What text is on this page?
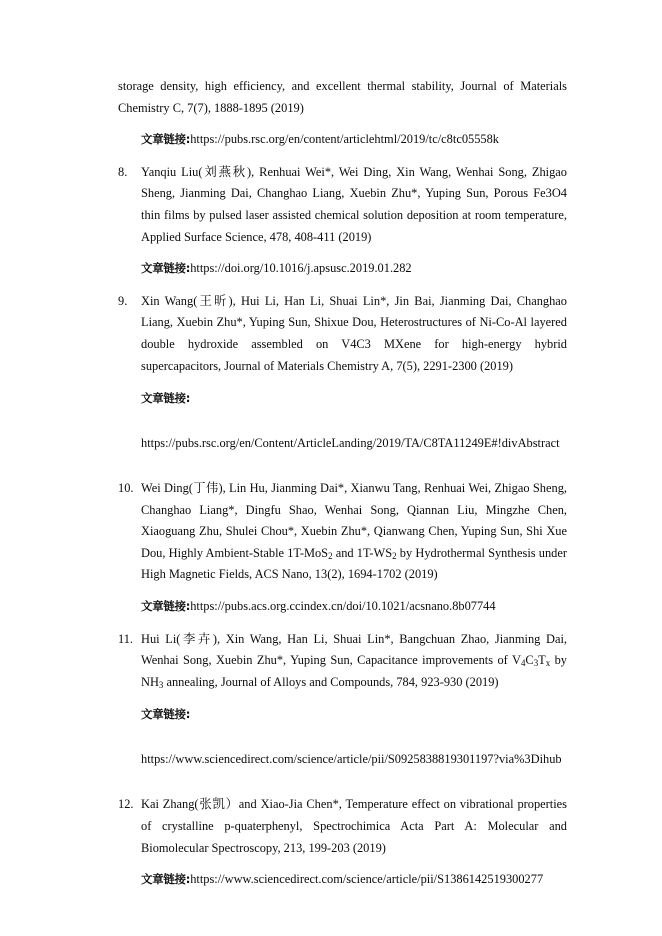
storage density, high efficiency, and excellent thermal stability, Journal of Materials Chemistry C, 7(7), 1888-1895 (2019)

文章链接:https://pubs.rsc.org/en/content/articlehtml/2019/tc/c8tc05558k

8.	Yanqiu Liu(刘燕秋), Renhuai Wei*, Wei Ding, Xin Wang, Wenhai Song, Zhigao Sheng, Jianming Dai, Changhao Liang, Xuebin Zhu*, Yuping Sun, Porous Fe3O4 thin films by pulsed laser assisted chemical solution deposition at room temperature, Applied Surface Science, 478, 408-411 (2019)

文章链接:https://doi.org/10.1016/j.apsusc.2019.01.282

9.	Xin Wang(王昕), Hui Li, Han Li, Shuai Lin*, Jin Bai, Jianming Dai, Changhao Liang, Xuebin Zhu*, Yuping Sun, Shixue Dou, Heterostructures of Ni-Co-Al layered double hydroxide assembled on V4C3 MXene for high-energy hybrid supercapacitors, Journal of Materials Chemistry A, 7(5), 2291-2300 (2019)

文章链接:

https://pubs.rsc.org/en/Content/ArticleLanding/2019/TA/C8TA11249E#!divAbstract

10. Wei Ding(丁伟), Lin Hu, Jianming Dai*, Xianwu Tang, Renhuai Wei, Zhigao Sheng, Changhao Liang*, Dingfu Shao, Wenhai Song, Qiannan Liu, Mingzhe Chen, Xiaoguang Zhu, Shulei Chou*, Xuebin Zhu*, Qianwang Chen, Yuping Sun, Shi Xue Dou, Highly Ambient-Stable 1T-MoS$_2$ and $1T-WS_2$ by Hydrothermal Synthesis under High Magnetic Fields, ACS Nano, 13(2), 1694-1702 (2019)

文章链接:https://pubs.acs.org.ccindex.cn/doi/10.1021/acsnano.8b07744

11. Hui Li(李卉), Xin Wang, Han Li, Shuai Lin*, Bangchuan Zhao, Jianming Dai, Wenhai Song, Xuebin Zhu*, Yuping Sun, Capacitance improvements of $V_4C_3T_x$ by $NH_3$ annealing, Journal of Alloys and Compounds, 784, 923-930 (2019)

文章链接:

https://www.sciencedirect.com/science/article/pii/S0925838819301197?via%3Dihub

12. Kai Zhang(张凯）and Xiao-Jia Chen*, Temperature effect on vibrational properties of crystalline p-quaterphenyl, Spectrochimica Acta Part A: Molecular and Biomolecular Spectroscopy, 213, 199-203 (2019)

文章链接:https://www.sciencedirect.com/science/article/pii/S1386142519300277
